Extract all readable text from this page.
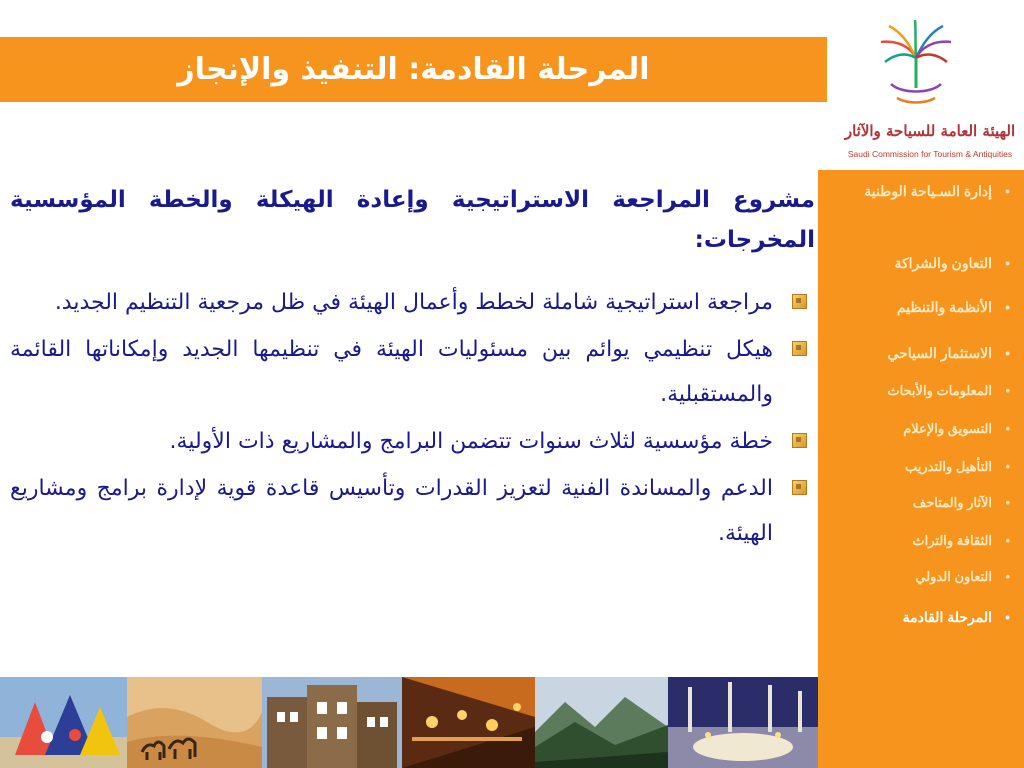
المرحلة القادمة: التنفيذ والإنجاز
الهيئة العامة للسياحة والآثار
Saudi Commission for Tourism & Antiquities
•
إدارة السـياحة الوطنية
•
التعاون والشراكة
•
الأنظمة والتنظيم
•
الاستثمار السياحي
•
المعلومات والأبحاث
•
التسويق والإعلام
•
التأهيل والتدريب
•
الآثار والمتاحف
•
الثقافة والتراث
•
التعاون الدولي
•
المرحلة القادمة
مشروع المراجعة الاستراتيجية وإعادة الهيكلة والخطة المؤسسية المخرجات:
مراجعة استراتيجية شاملة لخطط وأعمال الهيئة في ظل مرجعية التنظيم الجديد.
هيكل تنظيمي يوائم بين مسئوليات الهيئة في تنظيمها الجديد وإمكاناتها القائمة والمستقبلية.
خطة مؤسسية لثلاث سنوات تتضمن البرامج والمشاريع ذات الأولية.
الدعم والمساندة الفنية لتعزيز القدرات وتأسيس قاعدة قوية لإدارة برامج ومشاريع الهيئة.
